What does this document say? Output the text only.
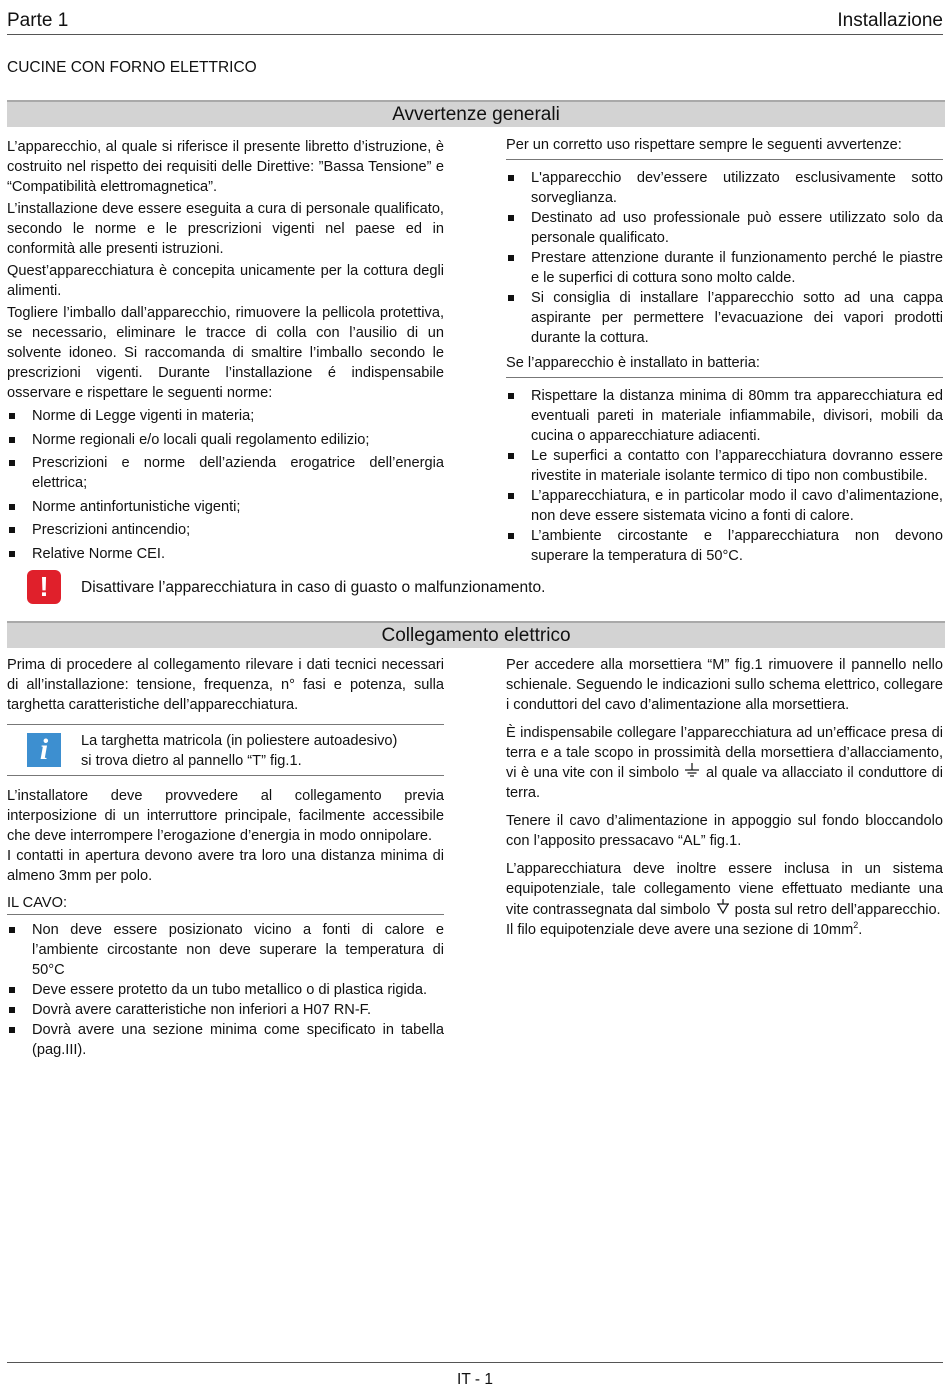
Parte 1	Installazione
CUCINE CON FORNO ELETTRICO
Avvertenze generali

L’apparecchio, al quale si riferisce il presente libretto d’istruzione, è costruito nel rispetto dei requisiti delle Direttive: ”Bassa Tensione” e “Compatibilità elettromagnetica”.

L’installazione deve essere eseguita a cura di personale qualificato, secondo le norme e le prescrizioni vigenti nel paese ed in conformità alle presenti istruzioni.

Quest’apparecchiatura è concepita unicamente per la cottura degli alimenti.

Togliere l’imballo dall’apparecchio, rimuovere la pellicola protettiva, se necessario, eliminare le tracce di colla con l’ausilio di un solvente idoneo. Si raccomanda di smaltire l’imballo secondo le prescrizioni vigenti. Durante l’installazione é indispensabile osservare e rispettare le seguenti norme:

Norme di Legge vigenti in materia;
Norme regionali e/o locali quali regolamento edilizio;
Prescrizioni e norme dell’azienda erogatrice dell’energia elettrica;
Norme antinfortunistiche vigenti;
Prescrizioni antincendio;
Relative Norme CEI.

Per un corretto uso rispettare sempre le seguenti avvertenze:

L'apparecchio dev’essere utilizzato esclusivamente sotto sorveglianza.
Destinato ad uso professionale può essere utilizzato solo da personale qualificato.
Prestare attenzione durante il funzionamento perché le piastre e le superfici di cottura sono molto calde.
Si consiglia di installare l’apparecchio sotto ad una cappa aspirante per permettere l’evacuazione dei vapori prodotti durante la cottura.

Se l’apparecchio è installato in batteria:

Rispettare la distanza minima di 80mm tra apparecchiatura ed eventuali pareti in materiale infiammabile, divisori, mobili da cucina o apparecchiature adiacenti.
Le superfici a contatto con l’apparecchiatura dovranno essere rivestite in materiale isolante termico di tipo non combustibile.
L’apparecchiatura, e in particolar modo il cavo d’alimentazione, non deve essere sistemata vicino a fonti di calore.
L’ambiente circostante e l’apparecchiatura non devono superare la temperatura di 50°C.
!	Disattivare l’apparecchiatura in caso di guasto o malfunzionamento.
Collegamento elettrico

Prima di procedere al collegamento rilevare i dati tecnici necessari di all’installazione: tensione, frequenza, n° fasi e potenza, sulla targhetta caratteristiche dell’apparecchiatura.

i	La targhetta matricola (in poliestere autoadesivo) si trova dietro al pannello “T” fig.1.

L’installatore deve provvedere al collegamento previa interposizione di un interruttore principale, facilmente accessibile che deve interrompere l’erogazione d’energia in modo onnipolare.

I contatti in apertura devono avere tra loro una distanza minima di almeno 3mm per polo.

IL CAVO:

Non deve essere posizionato vicino a fonti di calore e l’ambiente circostante non deve superare la temperatura di 50°C
Deve essere protetto da un tubo metallico o di plastica rigida.
Dovrà avere caratteristiche non inferiori a H07 RN-F.
Dovrà avere una sezione minima come specificato in tabella (pag.III).

Per accedere alla morsettiera “M” fig.1 rimuovere il pannello nello schienale. Seguendo le indicazioni sullo schema elettrico, collegare i conduttori del cavo d’alimentazione alla morsettiera.

È indispensabile collegare l’apparecchiatura ad un’efficace presa di terra e a tale scopo in prossimità della morsettiera d’allacciamento, vi è una vite con il simbolo al quale va allacciato il conduttore di terra.

Tenere il cavo d’alimentazione in appoggio sul fondo bloccandolo con l’apposito pressacavo “AL” fig.1.

L’apparecchiatura deve inoltre essere inclusa in un sistema equipotenziale, tale collegamento viene effettuato mediante una vite contrassegnata dal simbolo posta sul retro dell’apparecchio.

Il filo equipotenziale deve avere una sezione di $10mm^2$.

IT - 1
